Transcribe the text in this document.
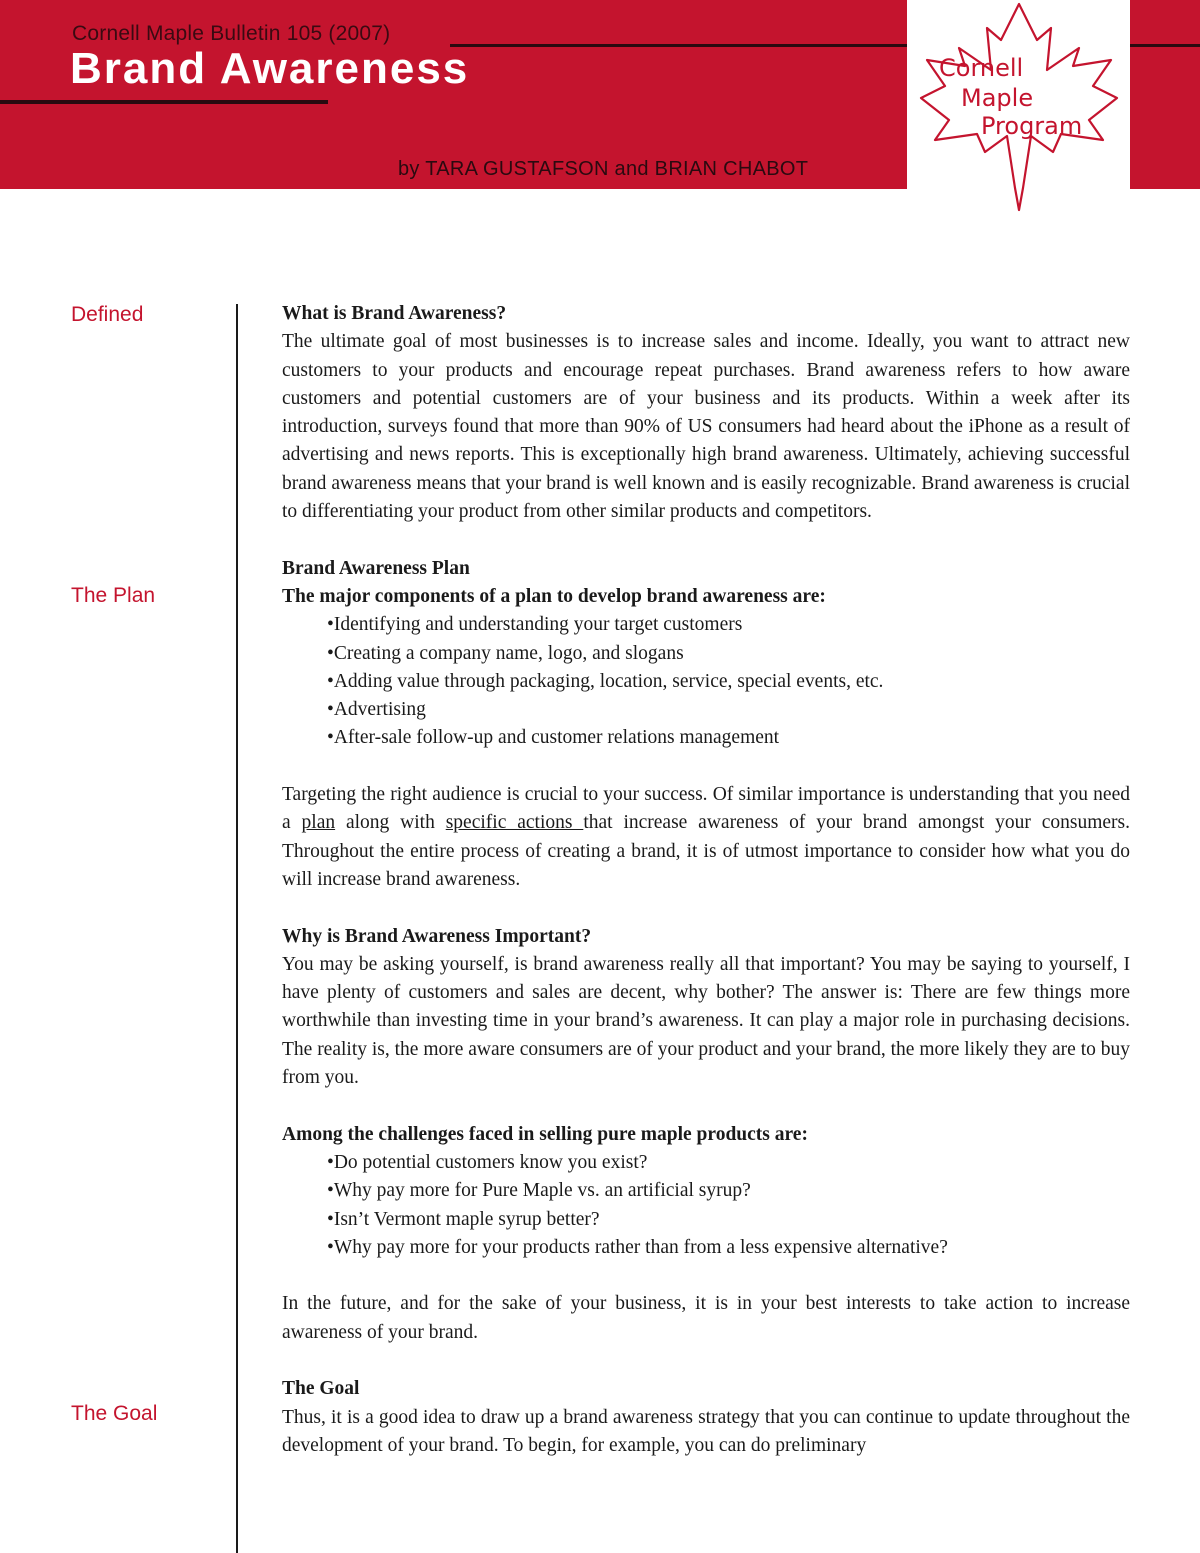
Cornell Maple Bulletin 105 (2007)
Brand Awareness
by TARA GUSTAFSON and BRIAN CHABOT
Cornell
Maple
Program
Defined
The Plan
The Goal

What is Brand Awareness?

The ultimate goal of most businesses is to increase sales and income. Ideally, you want to attract new customers to your products and encourage repeat purchases. Brand awareness refers to how aware customers and potential customers are of your business and its products. Within a week after its introduction, surveys found that more than 90% of US consumers had heard about the iPhone as a result of advertising and news reports. This is exceptionally high brand awareness. Ultimately, achieving successful brand awareness means that your brand is well known and is easily recognizable. Brand awareness is crucial to differentiating your product from other similar products and competitors.

Brand Awareness Plan

The major components of a plan to develop brand awareness are:

• Identifying and understanding your target customers
• Creating a company name, logo, and slogans
• Adding value through packaging, location, service, special events, etc.
• Advertising
• After-sale follow-up and customer relations management

Targeting the right audience is crucial to your success. Of similar importance is understanding that you need a plan along with specific actions that increase awareness of your brand amongst your consumers. Throughout the entire process of creating a brand, it is of utmost importance to consider how what you do will increase brand awareness.

Why is Brand Awareness Important?

You may be asking yourself, is brand awareness really all that important? You may be saying to yourself, I have plenty of customers and sales are decent, why bother? The answer is: There are few things more worthwhile than investing time in your brand’s awareness. It can play a major role in purchasing decisions. The reality is, the more aware consumers are of your product and your brand, the more likely they are to buy from you.

Among the challenges faced in selling pure maple products are:

• Do potential customers know you exist?
• Why pay more for Pure Maple vs. an artificial syrup?
• Isn’t Vermont maple syrup better?
• Why pay more for your products rather than from a less expensive alternative?

In the future, and for the sake of your business, it is in your best interests to take action to increase awareness of your brand.

The Goal

Thus, it is a good idea to draw up a brand awareness strategy that you can continue to update throughout the development of your brand. To begin, for example, you can do preliminary
